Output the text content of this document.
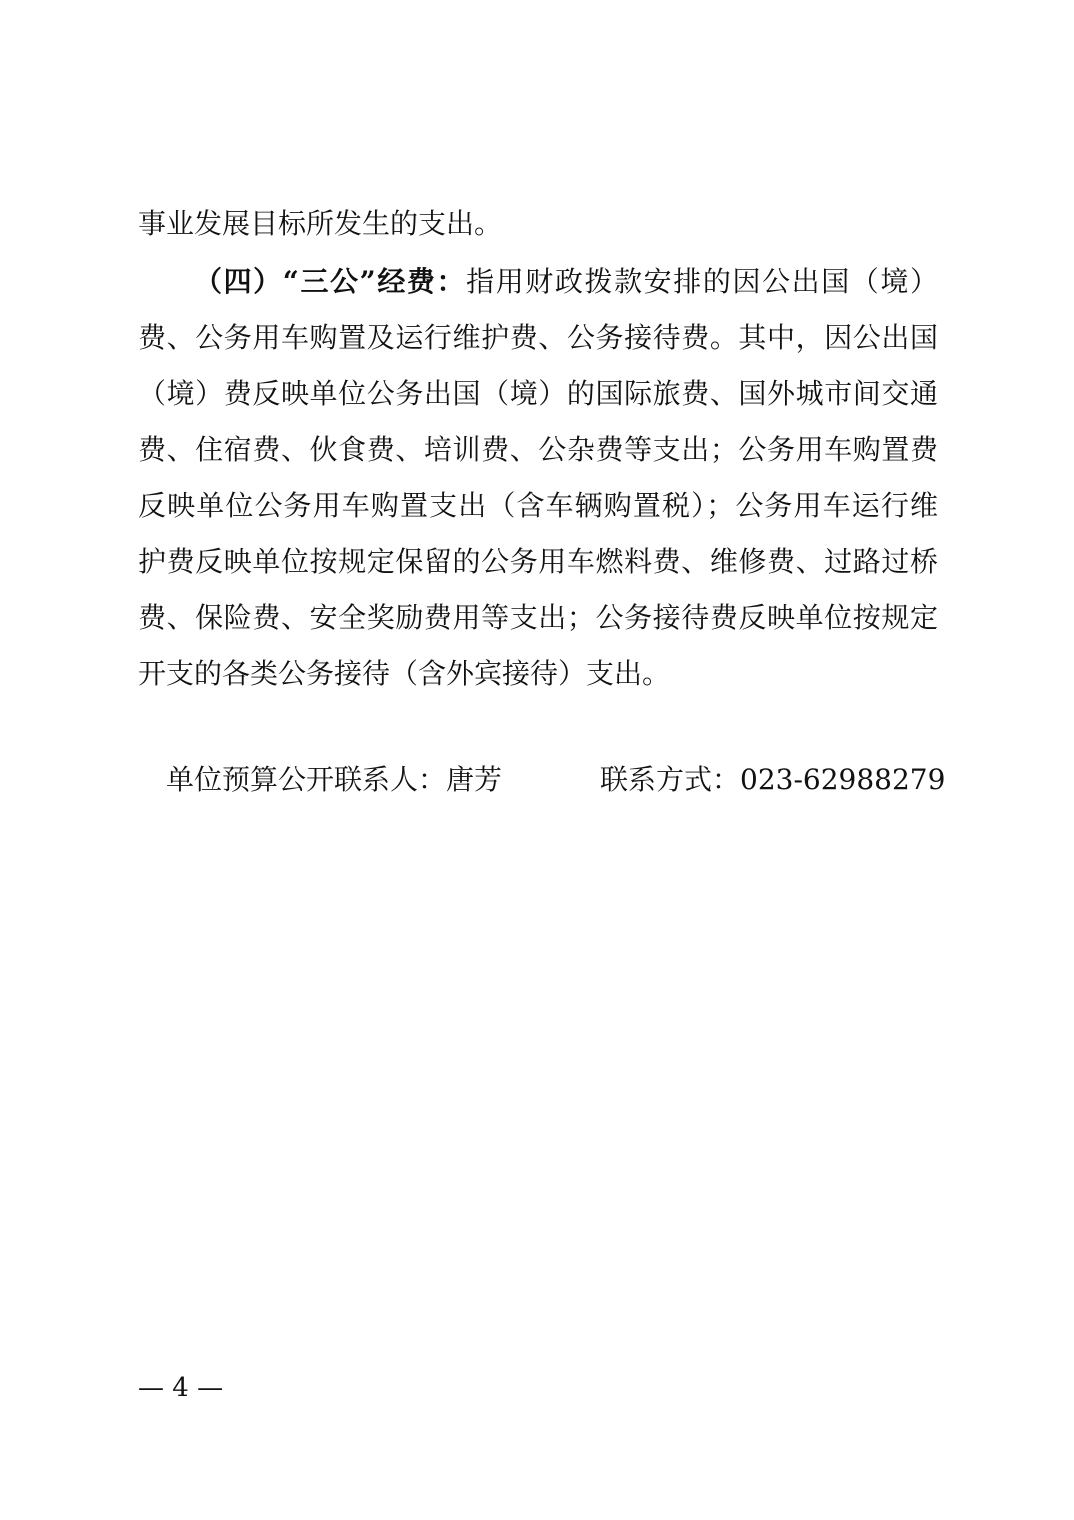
事业发展目标所发生的支出。
（四）“三公”经费：指用财政拨款安排的因公出国（境）
费、公务用车购置及运行维护费、公务接待费。其中，因公出国
（境）费反映单位公务出国（境）的国际旅费、国外城市间交通
费、住宿费、伙食费、培训费、公杂费等支出；公务用车购置费
反映单位公务用车购置支出（含车辆购置税）；公务用车运行维
护费反映单位按规定保留的公务用车燃料费、维修费、过路过桥
费、保险费、安全奖励费用等支出；公务接待费反映单位按规定
开支的各类公务接待（含外宾接待）支出。
单位预算公开联系人：唐芳	联系方式：023-62988279
— 4 —
